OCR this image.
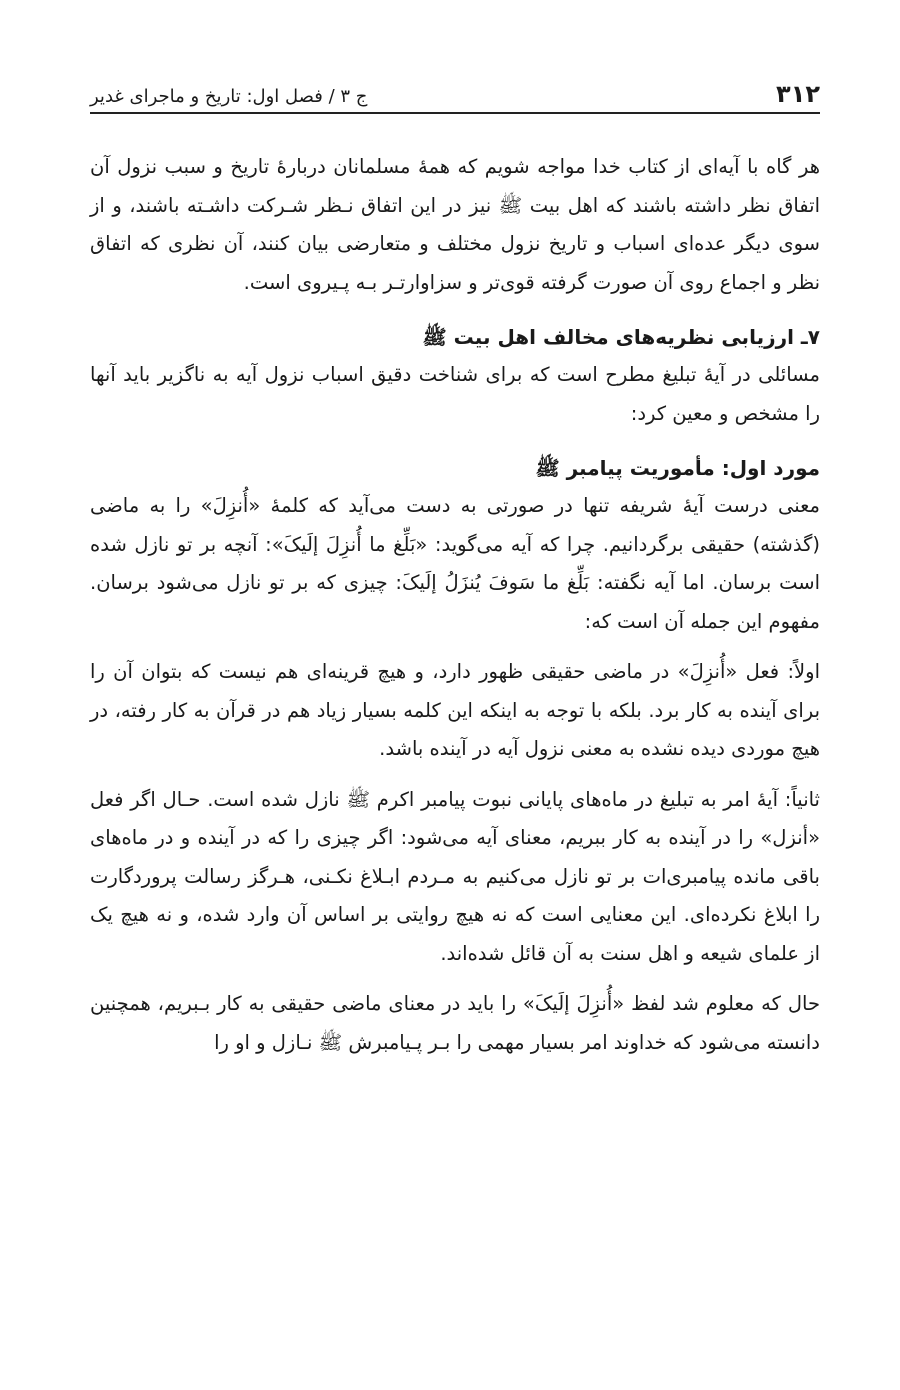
۳۱۲
ج ۳ / فصل اول: تاریخ و ماجرای غدیر

هر گاه با آیه‌ای از کتاب خدا مواجه شویم که همهٔ مسلمانان دربارهٔ تاریخ و سبب نزول آن اتفاق نظر داشته باشند که اهل بیت ﷺ نیز در این اتفاق نـظر شـرکت داشـته باشند، و از سوی دیگر عده‌ای اسباب و تاریخ نزول مختلف و متعارضی بیان کنند، آن نظری که اتفاق نظر و اجماع روی آن صورت گرفته قوی‌تر و سزاوارتـر بـه پـیروی است.

۷ـ ارزیابی نظریه‌های مخالف اهل بیت ﷺ

مسائلی در آیهٔ تبلیغ مطرح است که برای شناخت دقیق اسباب نزول آیه به ناگزیر باید آنها را مشخص و معین کرد:

مورد اول: مأموریت پیامبر ﷺ

معنی درست آیهٔ شریفه تنها در صورتی به دست می‌آید که کلمهٔ «أُنزِلَ» را به ماضی (گذشته) حقیقی برگردانیم. چرا که آیه می‌گوید: «بَلِّغ ما أُنزِلَ إلَیکَ»: آنچه بر تو نازل شده است برسان. اما آیه نگفته: بَلِّغ ما سَوفَ یُنزَلُ إلَیکَ: چیزی که بر تو نازل می‌شود برسان. مفهوم این جمله آن است که:

اولاً: فعل «أُنزِلَ» در ماضی حقیقی ظهور دارد، و هیچ قرینه‌ای هم نیست که بتوان آن را برای آینده به کار برد. بلکه با توجه به اینکه این کلمه بسیار زیاد هم در قرآن به کار رفته، در هیچ موردی دیده نشده به معنی نزول آیه در آینده باشد.

ثانیاً: آیهٔ امر به تبلیغ در ماه‌های پایانی نبوت پیامبر اکرم ﷺ نازل شده است. حـال اگر فعل «أنزل» را در آینده به کار ببریم، معنای آیه می‌شود: اگر چیزی را که در آینده و در ماه‌های باقی مانده پیامبری‌ات بر تو نازل می‌کنیم به مـردم ابـلاغ نکـنی، هـرگز رسالت پروردگارت را ابلاغ نکرده‌ای. این معنایی است که نه هیچ روایتی بر اساس آن وارد شده، و نه هیچ یک از علمای شیعه و اهل سنت به آن قائل شده‌اند.

حال که معلوم شد لفظ «أُنزِلَ إلَیکَ» را باید در معنای ماضی حقیقی به کار بـبریم، همچنین دانسته می‌شود که خداوند امر بسیار مهمی را بـر پـیامبرش ﷺ نـازل و او را
